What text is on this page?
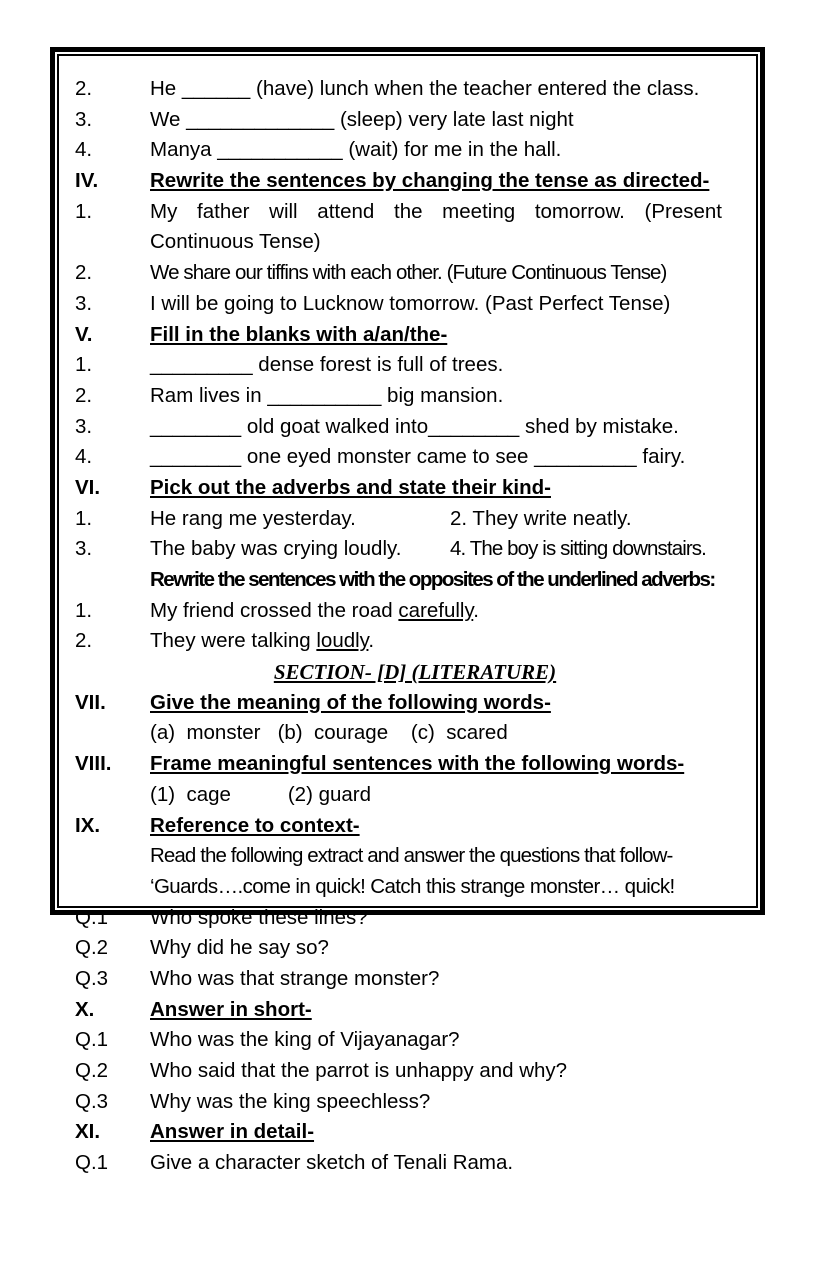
2.	He ______ (have) lunch when the teacher entered the class.
3.	We _____________ (sleep) very late last night
4.	Manya ___________ (wait) for me in the hall.
IV.	Rewrite the sentences by changing the tense as directed-
1.	My father will attend the meeting tomorrow. (Present
Continuous Tense)
2.	We share our tiffins with each other. (Future Continuous Tense)
3.	I will be going to Lucknow tomorrow. (Past Perfect Tense)
V.	Fill in the blanks with a/an/the-
1.	_________ dense forest is full of trees.
2.	Ram lives in __________ big mansion.
3.	________ old goat walked into________ shed by mistake.
4.	________ one eyed monster came to see _________ fairy.
VI. Pick out the adverbs and state their kind-
1.	He rang me yesterday.	2. They write neatly.
3.	The baby was crying loudly. 4. The boy is sitting downstairs.
Rewrite the sentences with the opposites of the underlined adverbs:
1.	My friend crossed the road carefully.
2.	They were talking loudly.
SECTION- [D] (LITERATURE)
VII. Give the meaning of the following words-
(a)  monster   (b)  courage    (c)  scared
VIII. Frame meaningful sentences with the following words-
(1)  cage          (2) guard
IX. Reference to context-
Read the following extract and answer the questions that follow-
‘Guards….come in quick! Catch this strange monster… quick!
Q.1 Who spoke these lines?
Q.2 Why did he say so?
Q.3 Who was that strange monster?
X.	Answer in short-
Q.1 Who was the king of Vijayanagar?
Q.2 Who said that the parrot is unhappy and why?
Q.3 Why was the king speechless?
XI. Answer in detail-
Q.1 Give a character sketch of Tenali Rama.
